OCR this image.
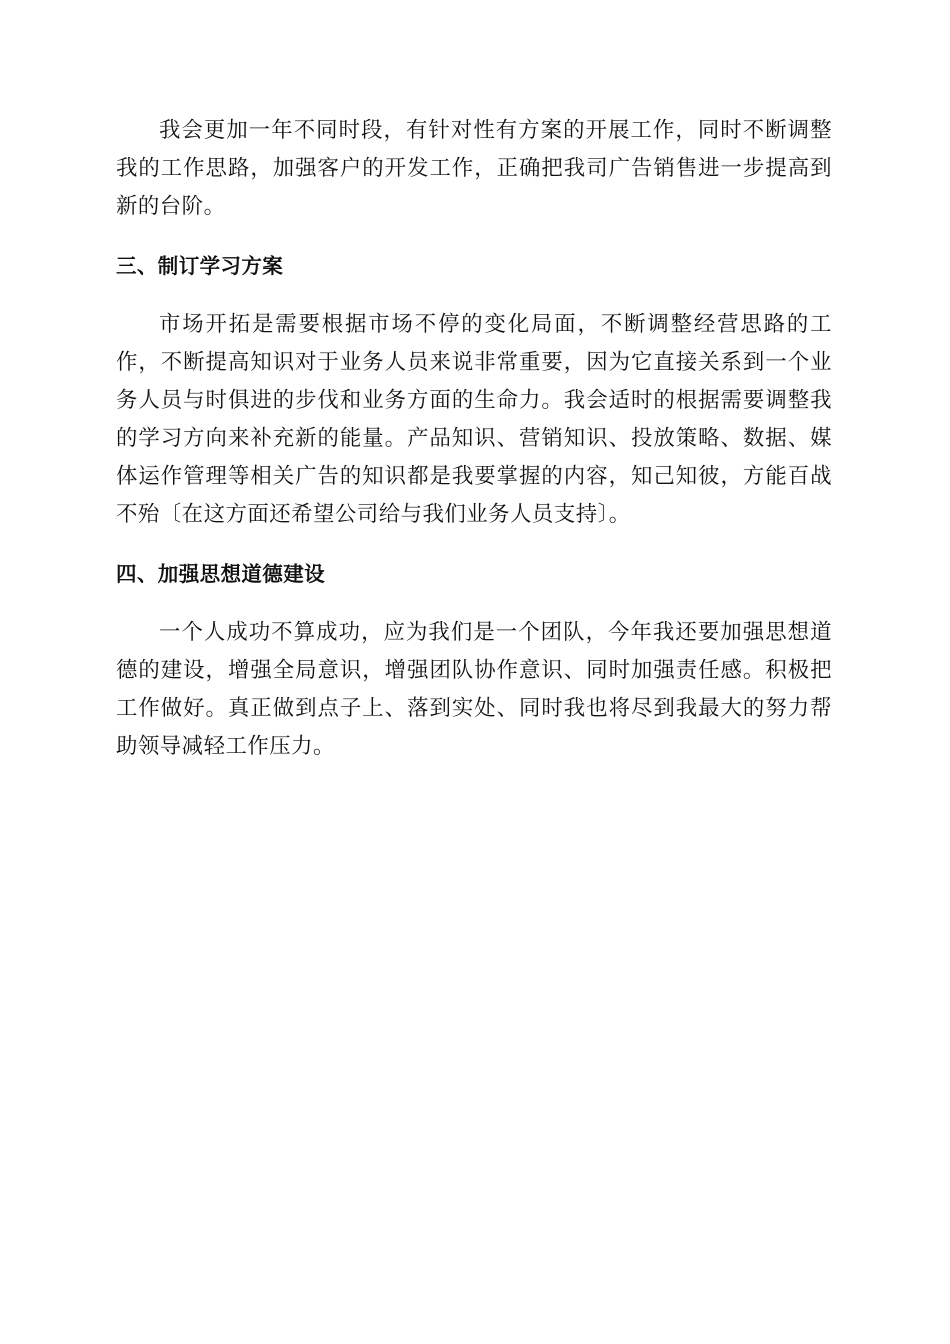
我会更加一年不同时段，有针对性有方案的开展工作，同时不断调整我的工作思路，加强客户的开发工作，正确把我司广告销售进一步提高到新的台阶。

三、制订学习方案

市场开拓是需要根据市场不停的变化局面，不断调整经营思路的工作，不断提高知识对于业务人员来说非常重要，因为它直接关系到一个业务人员与时俱进的步伐和业务方面的生命力。我会适时的根据需要调整我的学习方向来补充新的能量。产品知识、营销知识、投放策略、数据、媒体运作管理等相关广告的知识都是我要掌握的内容，知己知彼，方能百战不殆〔在这方面还希望公司给与我们业务人员支持〕。

四、加强思想道德建设

一个人成功不算成功，应为我们是一个团队，今年我还要加强思想道德的建设，增强全局意识，增强团队协作意识、同时加强责任感。积极把工作做好。真正做到点子上、落到实处、同时我也将尽到我最大的努力帮助领导减轻工作压力。
